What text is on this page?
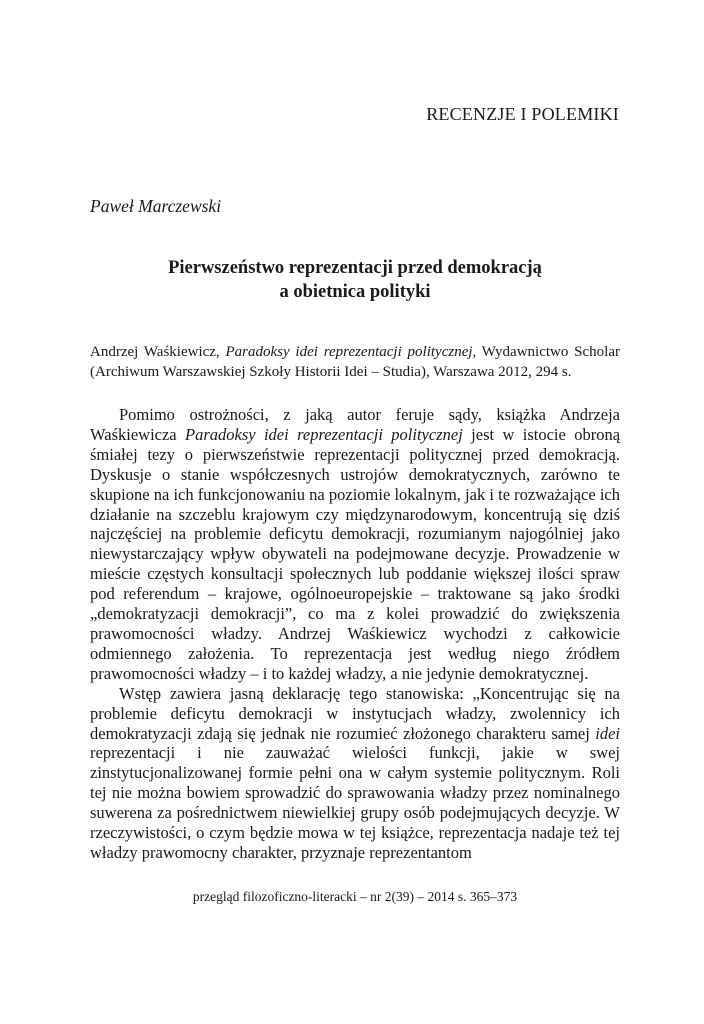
RECENZJE I POLEMIKI
Paweł Marczewski
Pierwszeństwo reprezentacji przed demokracją
a obietnica polityki

Andrzej Waśkiewicz, Paradoksy idei reprezentacji politycznej, Wydawnictwo Scholar (Archiwum Warszawskiej Szkoły Historii Idei – Studia), Warszawa 2012, 294 s.

Pomimo ostrożności, z jaką autor feruje sądy, książka Andrzeja Waśkiewicza Paradoksy idei reprezentacji politycznej jest w istocie obroną śmiałej tezy o pierwszeństwie reprezentacji politycznej przed demokracją. Dyskusje o stanie współczesnych ustrojów demokratycznych, zarówno te skupione na ich funkcjonowaniu na poziomie lokalnym, jak i te rozważające ich działanie na szczeblu krajowym czy międzynarodowym, koncentrują się dziś najczęściej na problemie deficytu demokracji, rozumianym najogólniej jako niewystarczający wpływ obywateli na podejmowane decyzje. Prowadzenie w mieście częstych konsultacji społecznych lub poddanie większej ilości spraw pod referendum – krajowe, ogólnoeuropejskie – traktowane są jako środki „demokratyzacji demokracji”, co ma z kolei prowadzić do zwiększenia prawomocności władzy. Andrzej Waśkiewicz wychodzi z całkowicie odmiennego założenia. To reprezentacja jest według niego źródłem prawomocności władzy – i to każdej władzy, a nie jedynie demokratycznej.

Wstęp zawiera jasną deklarację tego stanowiska: „Koncentrując się na problemie deficytu demokracji w instytucjach władzy, zwolennicy ich demokratyzacji zdają się jednak nie rozumieć złożonego charakteru samej idei reprezentacji i nie zauważać wielości funkcji, jakie w swej zinstytucjonalizowanej formie pełni ona w całym systemie politycznym. Roli tej nie można bowiem sprowadzić do sprawowania władzy przez nominalnego suwerena za pośrednictwem niewielkiej grupy osób podejmujących decyzje. W rzeczywistości, o czym będzie mowa w tej książce, reprezentacja nadaje też tej władzy prawomocny charakter, przyznaje reprezentantom

przegląd filozoficzno-literacki – nr 2(39) – 2014 s. 365–373
